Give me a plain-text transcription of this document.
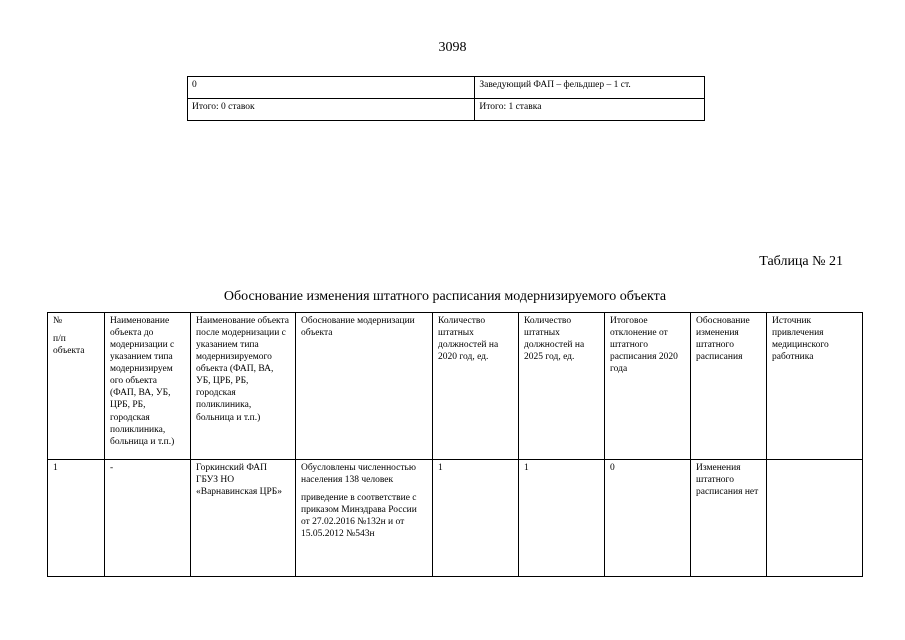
3098
0	Заведующий ФАП – фельдшер – 1 ст.
Итого: 0 ставок	Итого: 1 ставка
Таблица № 21
Обоснование изменения штатного расписания модернизируемого объекта
№
п/п объекта	Наименование объекта до модернизации с указанием типа модернизируем ого объекта (ФАП, ВА, УБ, ЦРБ, РБ, городская поликлиника, больница и т.п.)	Наименование объекта после модернизации с указанием типа модернизируемого объекта (ФАП, ВА, УБ, ЦРБ, РБ, городская поликлиника, больница и т.п.)	Обоснование модернизации объекта	Количество штатных должностей на 2020 год, ед.	Количество штатных должностей на 2025 год, ед.	Итоговое отклонение от штатного расписания 2020 года	Обоснование изменения штатного расписания	Источник привлечения медицинского работника
1	-	Горкинский ФАП ГБУЗ НО «Варнавинская ЦРБ»	Обусловлены численностью населения 138 человек
приведение в соответствие с приказом Минздрава России от 27.02.2016 №132н и от 15.05.2012 №543н	1	1	0	Изменения штатного расписания нет	
